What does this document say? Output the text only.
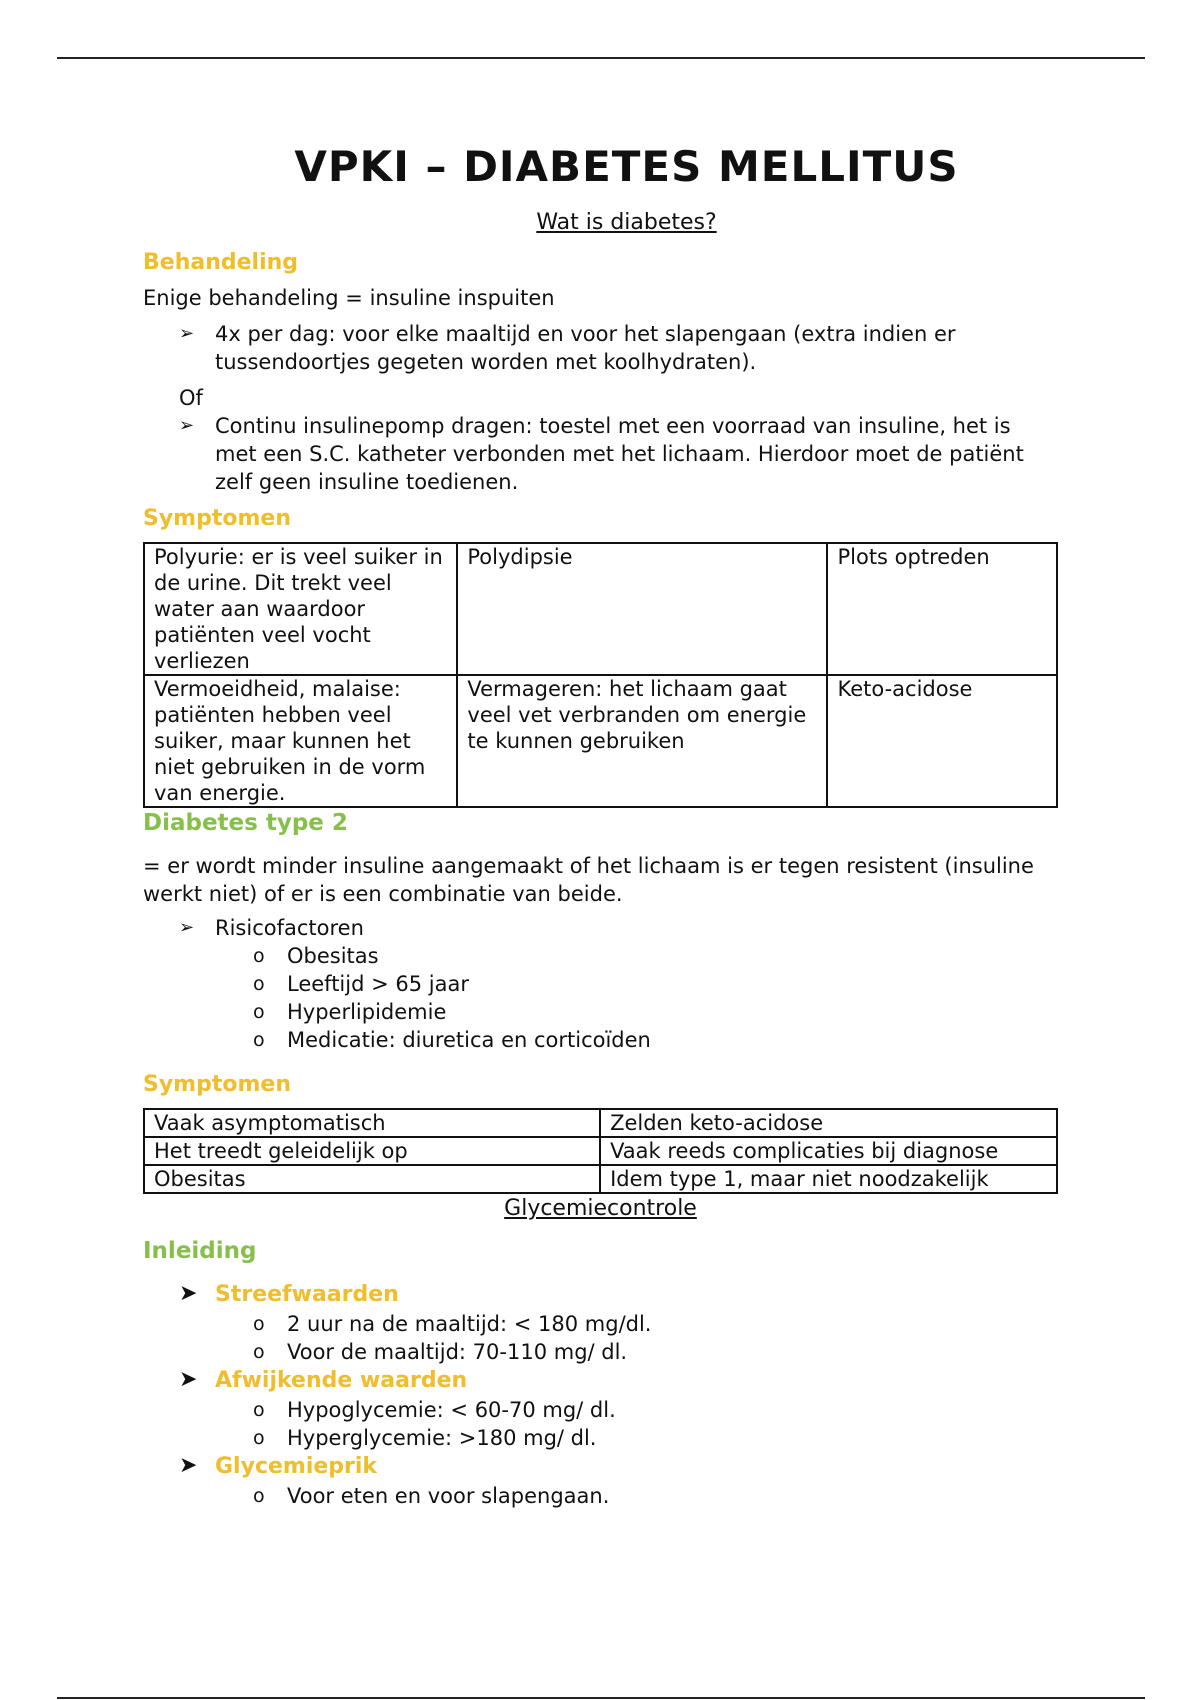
VPKI – DIABETES MELLITUS
Wat is diabetes?
Behandeling

Enige behandeling = insuline inspuiten

➢ 4x per dag: voor elke maaltijd en voor het slapengaan (extra indien er tussendoortjes gegeten worden met koolhydraten).

Of

➢ Continu insulinepomp dragen: toestel met een voorraad van insuline, het is met een S.C. katheter verbonden met het lichaam. Hierdoor moet de patiënt zelf geen insuline toedienen.
Symptomen
Polyurie: er is veel suiker in de urine. Dit trekt veel water aan waardoor patiënten veel vocht verliezen	Polydipsie	Plots optreden
Vermoeidheid, malaise: patiënten hebben veel suiker, maar kunnen het niet gebruiken in de vorm van energie.	Vermageren: het lichaam gaat veel vet verbranden om energie te kunnen gebruiken	Keto-acidose
Diabetes type 2

= er wordt minder insuline aangemaakt of het lichaam is er tegen resistent (insuline werkt niet) of er is een combinatie van beide.

➢ Risicofactoren
o Obesitas
o Leeftijd > 65 jaar
o Hyperlipidemie
o Medicatie: diuretica en corticoïden
Symptomen
Vaak asymptomatisch	Zelden keto-acidose
Het treedt geleidelijk op	Vaak reeds complicaties bij diagnose
Obesitas	Idem type 1, maar niet noodzakelijk
Glycemiecontrole
Inleiding
➤ Streefwaarden
o 2 uur na de maaltijd: < 180 mg/dl.
o Voor de maaltijd: 70-110 mg/ dl.
➤ Afwijkende waarden
o Hypoglycemie: < 60-70 mg/ dl.
o Hyperglycemie: >180 mg/ dl.
➤ Glycemieprik
o Voor eten en voor slapengaan.
